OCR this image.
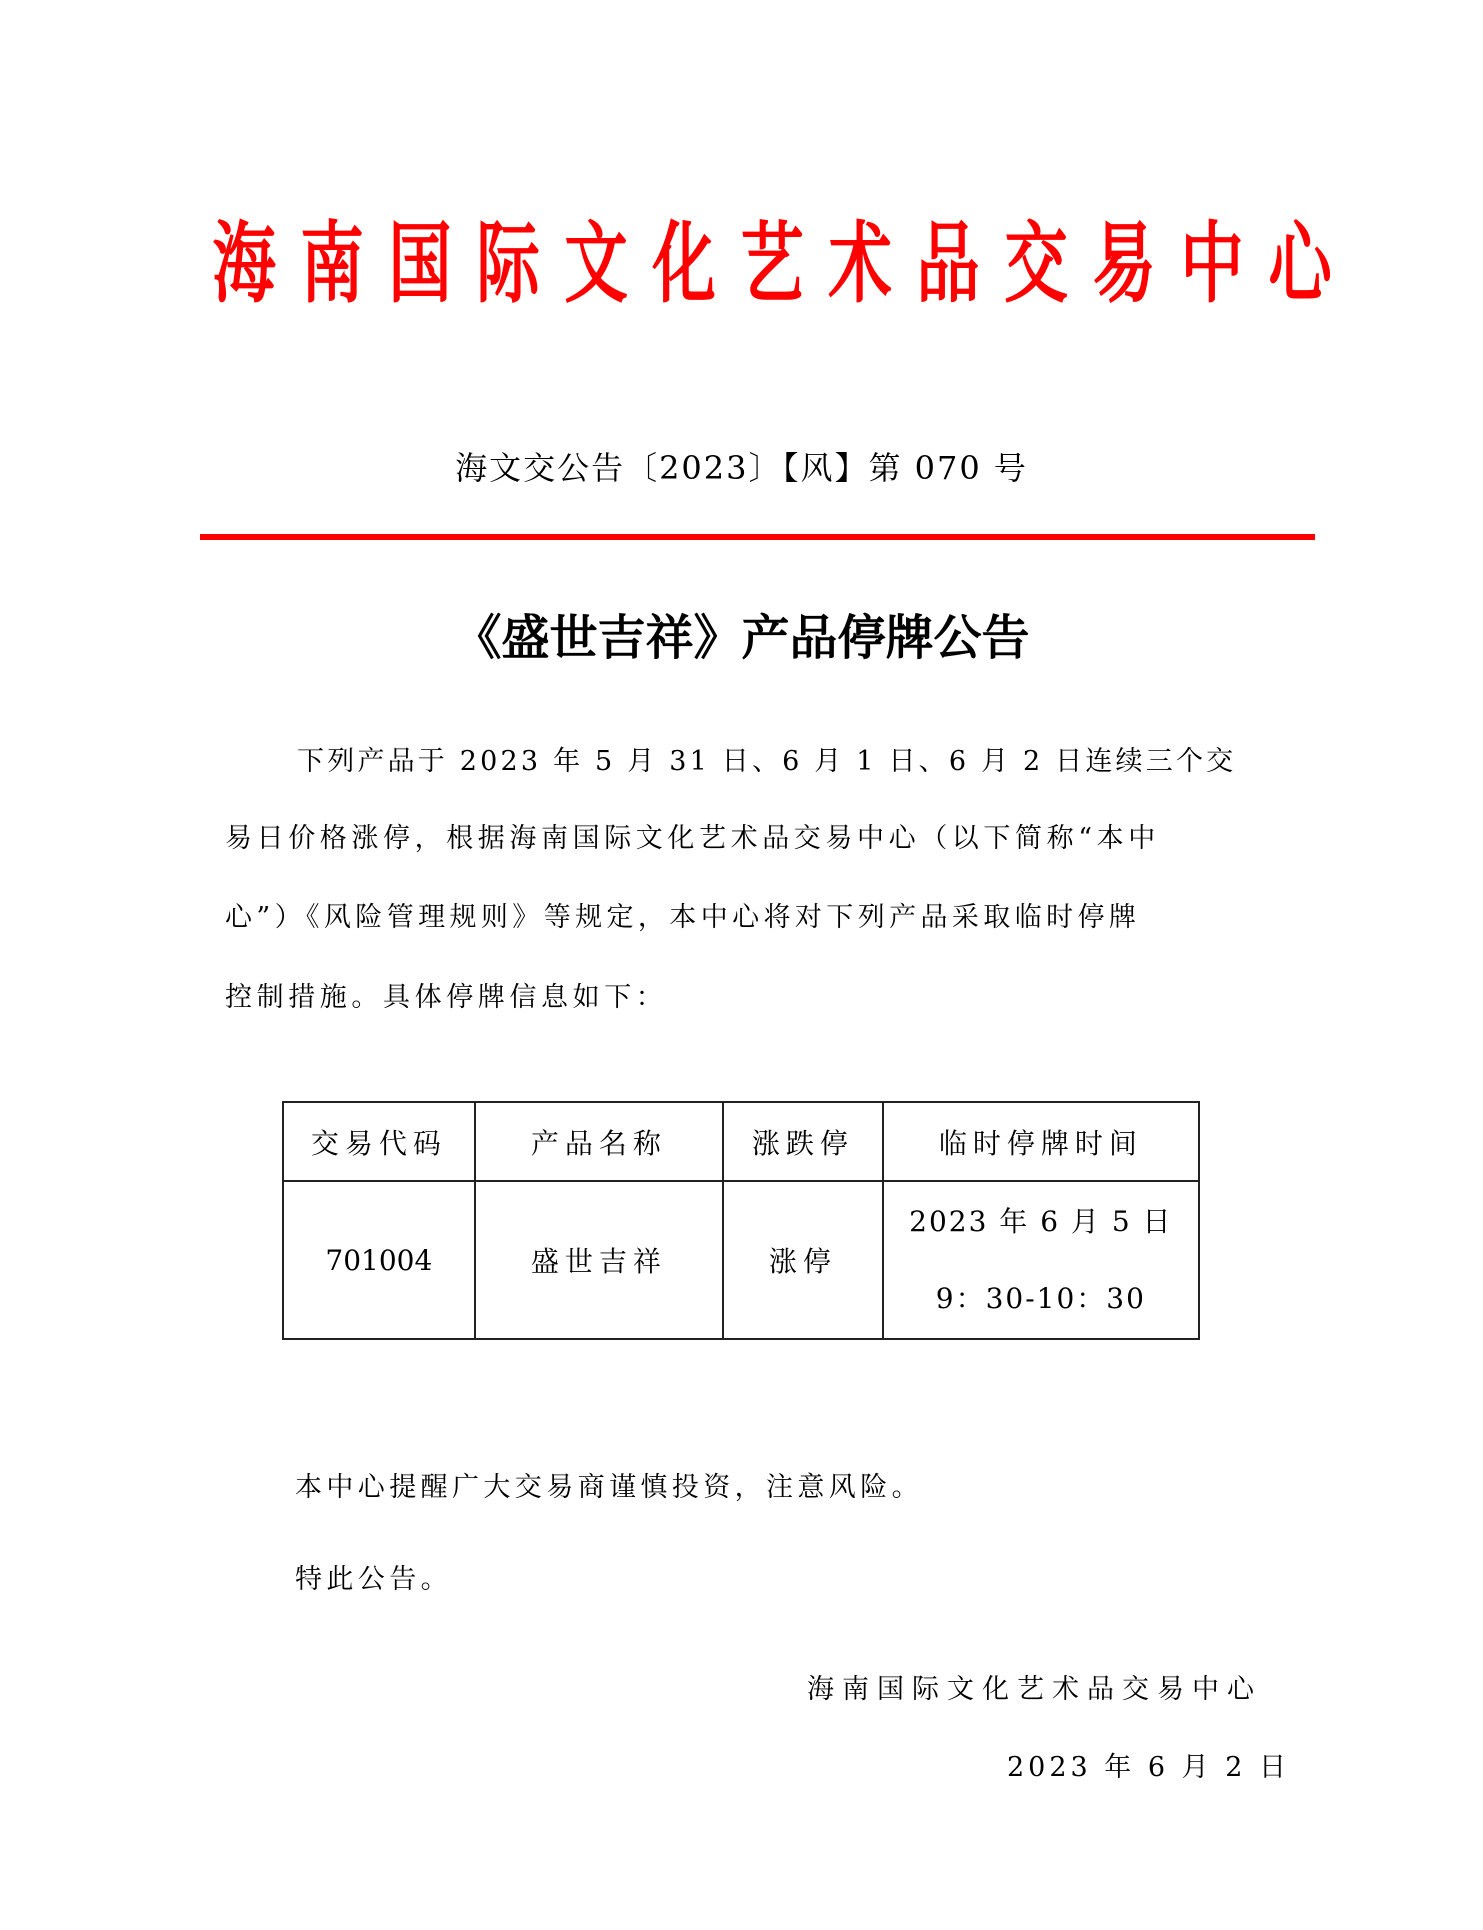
海 南 国 际 文 化 艺 术 品 交 易 中 心
海文交公告〔2023〕【风】第 070 号
《盛世吉祥》产品停牌公告
下列产品于 2023 年 5 月 31 日、6 月 1 日、6 月 2 日连续三个交
易日价格涨停，根据海南国际文化艺术品交易中心（以下简称“本中
心”）《风险管理规则》等规定，本中心将对下列产品采取临时停牌
控制措施。具体停牌信息如下：
交易代码	产品名称	涨跌停	临时停牌时间
701004	盛世吉祥	涨停	2023 年 6 月 5 日
9：30-10：30
本中心提醒广大交易商谨慎投资，注意风险。
特此公告。
海南国际文化艺术品交易中心
2023 年 6 月 2 日
